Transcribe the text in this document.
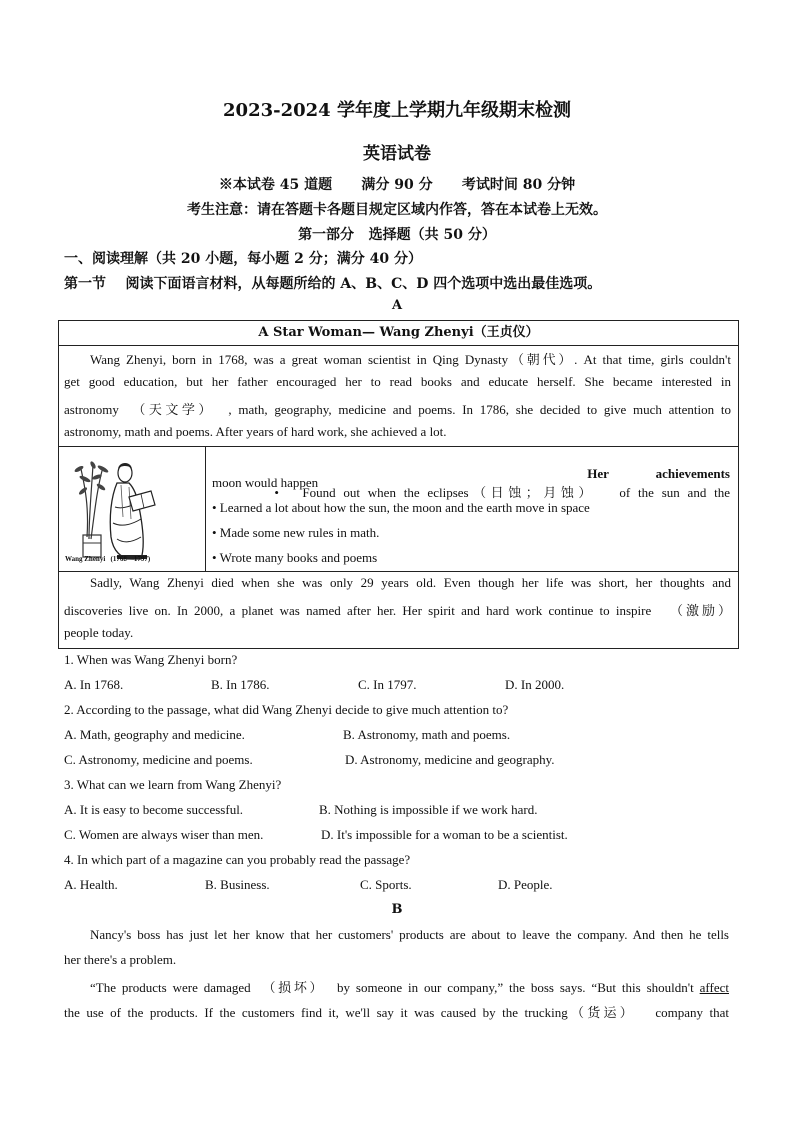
2023-2024 学年度上学期九年级期末检测
英语试卷
※本试卷 45 道题      满分 90 分      考试时间 80 分钟
考生注意：请在答题卡各题目规定区域内作答，答在本试卷上无效。
第一部分   选择题（共 50 分）
一、阅读理解（共 20 小题，每小题 2 分；满分 40 分）
第一节    阅读下面语言材料，从每题所给的 A、B、C、D 四个选项中选出最佳选项。
A
A Star Woman— Wang Zhenyi（王贞仪）
Wang Zhenyi, born in 1768, was a great woman scientist in Qing Dynasty（朝代）. At that time, girls couldn't
get good education, but her father encouraged her to read books and educate herself. She became interested in
astronomy  （天文学）  , math, geography, medicine and poems. In 1786, she decided to give much attention to
astronomy, math and poems. After years of hard work, she achieved a lot.
Wang Zhenyi   (1768—1797)

Her achievements
•   Found out when the eclipses（日蚀；月蚀）   of the sun and the

moon would happen
• Learned a lot about how the sun, the moon and the earth move in space
• Made some new rules in math.
• Wrote many books and poems
Sadly, Wang Zhenyi died when she was only 29 years old. Even though her life was short, her thoughts and
discoveries live on. In 2000, a planet was named after her. Her spirit and hard work continue to inspire   （激励）
people today.
1. When was Wang Zhenyi born?
A. In 1768.	B. In 1786.	C. In 1797.	D. In 2000.
2. According to the passage, what did Wang Zhenyi decide to give much attention to?
A. Math, geography and medicine.	B. Astronomy, math and poems.
C. Astronomy, medicine and poems.	D. Astronomy, medicine and geography.
3. What can we learn from Wang Zhenyi?
A. It is easy to become successful.	B. Nothing is impossible if we work hard.
C. Women are always wiser than men.	D. It's impossible for a woman to be a scientist.
4. In which part of a magazine can you probably read the passage?
A. Health.	B. Business.	C. Sports.	D. People.
B
Nancy's boss has just let her know that her customers' products are about to leave the company. And then he tells
her there's a problem.
“The products were damaged  （损坏）  by someone in our company,” the boss says. “But this shouldn't affect
the use of the products. If the customers find it, we'll say it was caused by the trucking（货运）   company that
